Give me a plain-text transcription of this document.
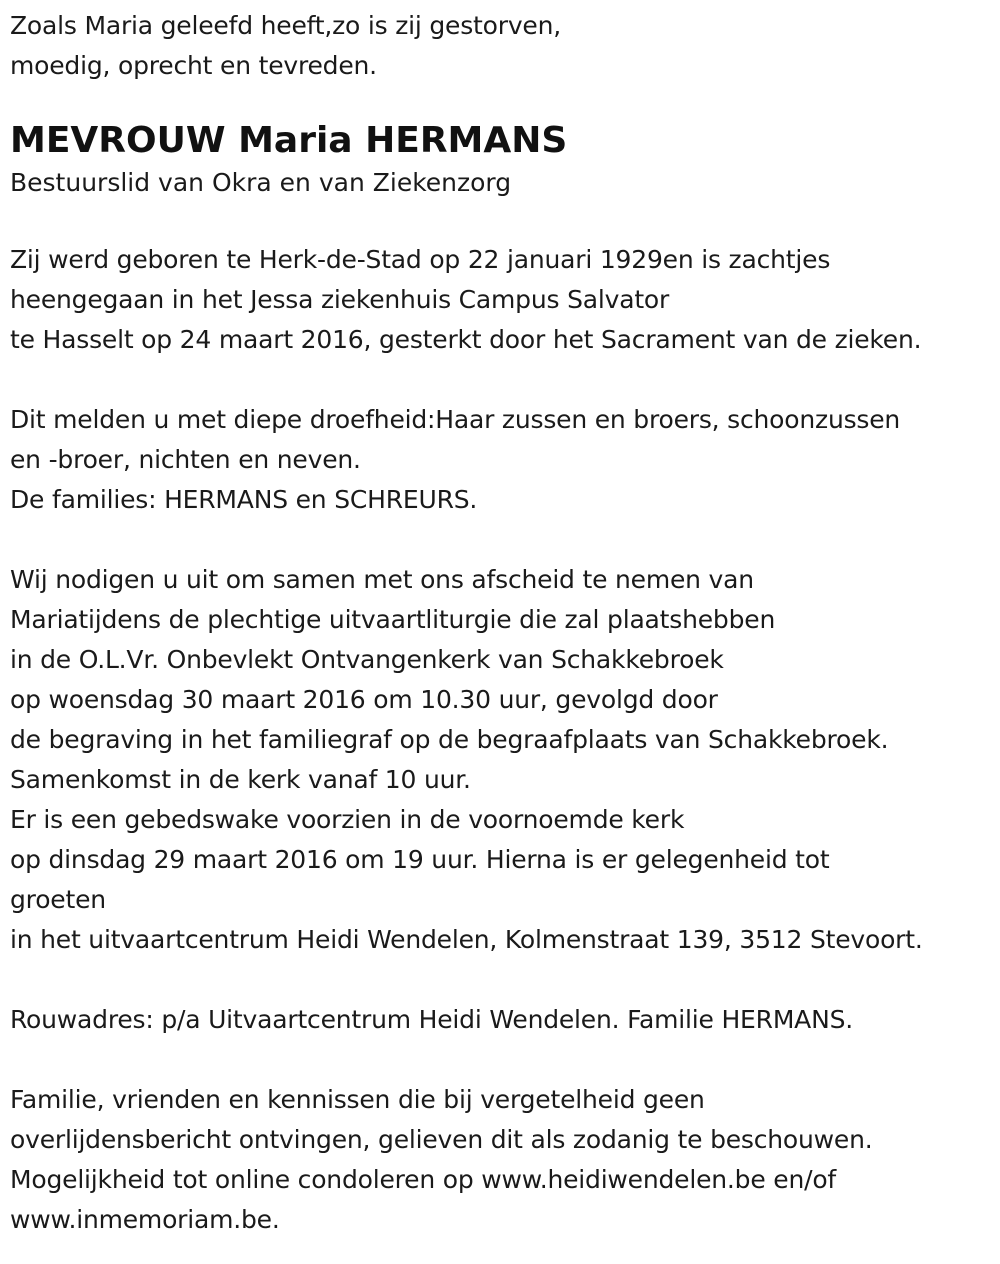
Zoals Maria geleefd heeft,zo is zij gestorven,
moedig, oprecht en tevreden.
MEVROUW Maria HERMANS
Bestuurslid van Okra en van Ziekenzorg
Zij werd geboren te Herk-de-Stad op 22 januari 1929en is zachtjes
heengegaan in het Jessa ziekenhuis Campus Salvator
te Hasselt op 24 maart 2016, gesterkt door het Sacrament van de zieken.
Dit melden u met diepe droefheid:Haar zussen en broers, schoonzussen
en -broer, nichten en neven.
De families: HERMANS en SCHREURS.
Wij nodigen u uit om samen met ons afscheid te nemen van
Mariatijdens de plechtige uitvaartliturgie die zal plaatshebben
in de O.L.Vr. Onbevlekt Ontvangenkerk van Schakkebroek
op woensdag 30 maart 2016 om 10.30 uur, gevolgd door
de begraving in het familiegraf op de begraafplaats van Schakkebroek.
Samenkomst in de kerk vanaf 10 uur.
Er is een gebedswake voorzien in de voornoemde kerk
op dinsdag 29 maart 2016 om 19 uur. Hierna is er gelegenheid tot
groeten
in het uitvaartcentrum Heidi Wendelen, Kolmenstraat 139, 3512 Stevoort.
Rouwadres: p/a Uitvaartcentrum Heidi Wendelen. Familie HERMANS.
Familie, vrienden en kennissen die bij vergetelheid geen
overlijdensbericht ontvingen, gelieven dit als zodanig te beschouwen.
Mogelijkheid tot online condoleren op www.heidiwendelen.be en/of
www.inmemoriam.be.
